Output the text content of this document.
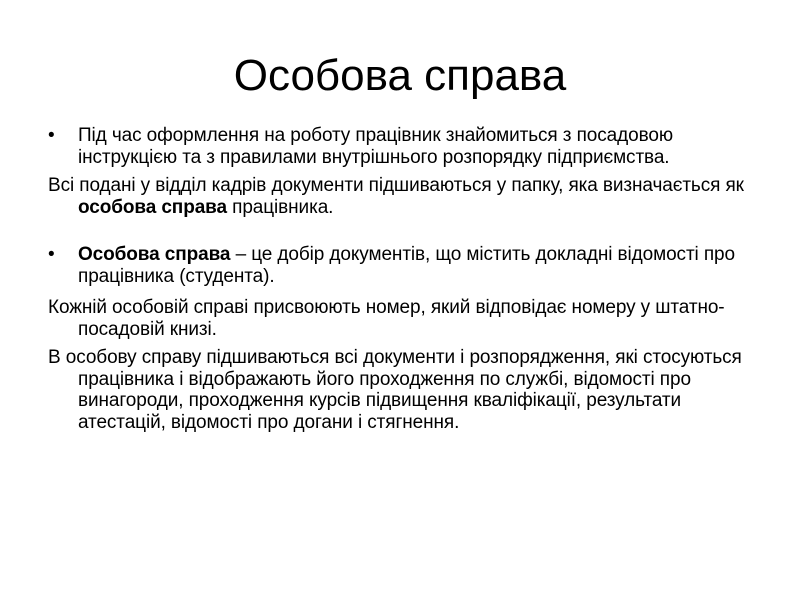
Особова справа

• Під час оформлення на роботу працівник знайомиться з посадовою інструкцією та з правилами внутрішнього розпорядку підприємства.

Всі подані у відділ кадрів документи підшиваються у папку, яка визначається як особова справа працівника.

• Особова справа – це добір документів, що містить докладні відомості про працівника (студента).

Кожній особовій справі присвоюють номер, який відповідає номеру у штатно-посадовій книзі.

В особову справу підшиваються всі документи і розпорядження, які стосуються працівника і відображають його проходження по службі, відомості про винагороди, проходження курсів підвищення кваліфікації, результати атестацій, відомості про догани і стягнення.
